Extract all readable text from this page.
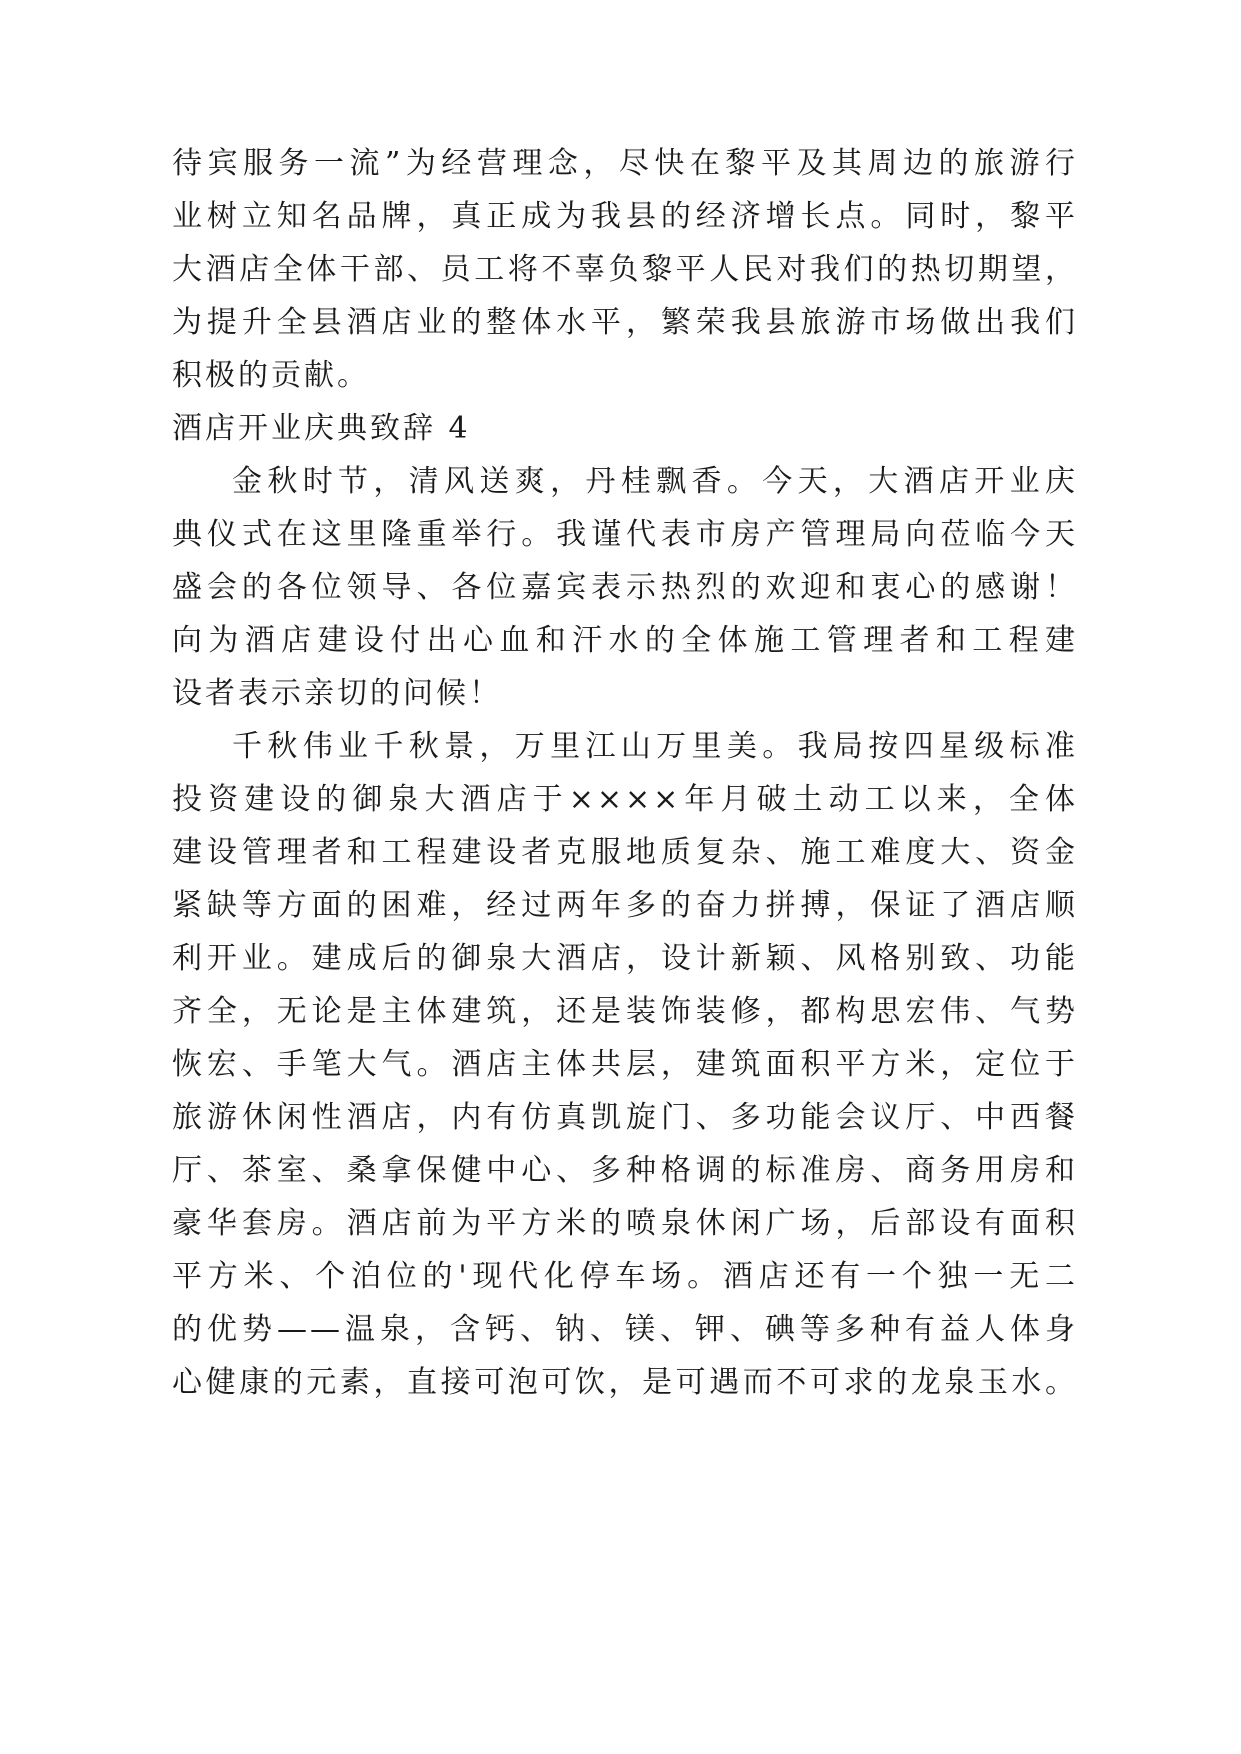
待宾服务一流”为经营理念，尽快在黎平及其周边的旅游行
业树立知名品牌，真正成为我县的经济增长点。同时，黎平
大酒店全体干部、员工将不辜负黎平人民对我们的热切期望，
为提升全县酒店业的整体水平，繁荣我县旅游市场做出我们
积极的贡献。
酒店开业庆典致辞 4
金秋时节，清风送爽，丹桂飘香。今天，大酒店开业庆
典仪式在这里隆重举行。我谨代表市房产管理局向莅临今天
盛会的各位领导、各位嘉宾表示热烈的欢迎和衷心的感谢！
向为酒店建设付出心血和汗水的全体施工管理者和工程建
设者表示亲切的问候！
千秋伟业千秋景，万里江山万里美。我局按四星级标准
投资建设的御泉大酒店于××××年月破土动工以来，全体
建设管理者和工程建设者克服地质复杂、施工难度大、资金
紧缺等方面的困难，经过两年多的奋力拼搏，保证了酒店顺
利开业。建成后的御泉大酒店，设计新颖、风格别致、功能
齐全，无论是主体建筑，还是装饰装修，都构思宏伟、气势
恢宏、手笔大气。酒店主体共层，建筑面积平方米，定位于
旅游休闲性酒店，内有仿真凯旋门、多功能会议厅、中西餐
厅、茶室、桑拿保健中心、多种格调的标准房、商务用房和
豪华套房。酒店前为平方米的喷泉休闲广场，后部设有面积
平方米、个泊位的'现代化停车场。酒店还有一个独一无二
的优势——温泉，含钙、钠、镁、钾、碘等多种有益人体身
心健康的元素，直接可泡可饮，是可遇而不可求的龙泉玉水。
